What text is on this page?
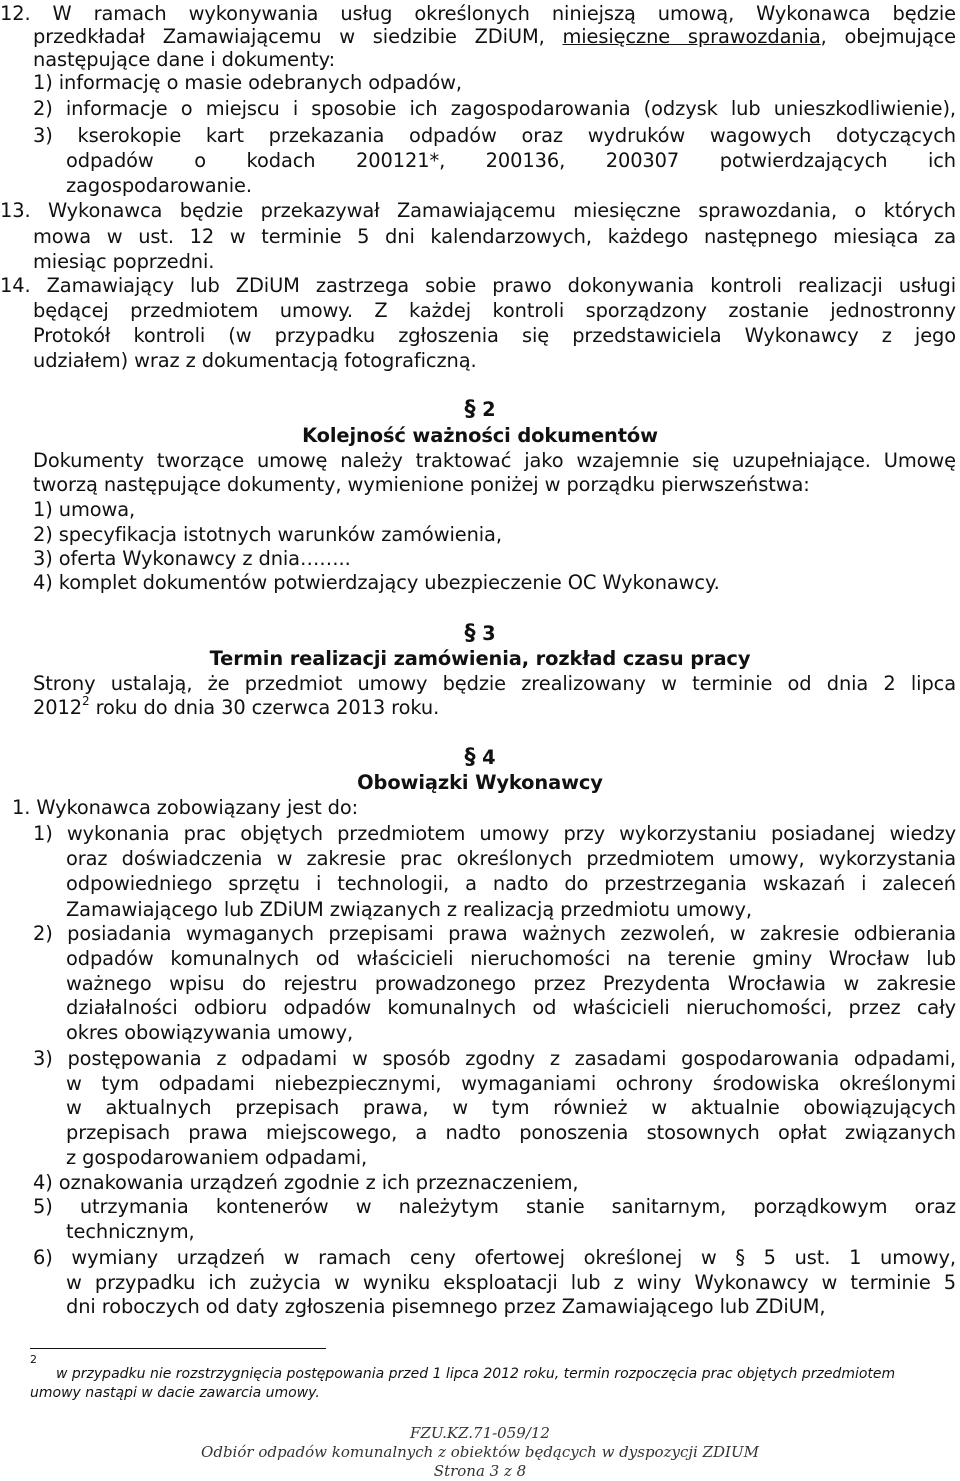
12. W ramach wykonywania usług określonych niniejszą umową, Wykonawca będzie
przedkładał Zamawiającemu w siedzibie ZDiUM, miesięczne sprawozdania, obejmujące
następujące dane i dokumenty:
1) informację o masie odebranych odpadów,
2) informacje o miejscu i sposobie ich zagospodarowania (odzysk lub unieszkodliwienie),
3) kserokopie kart przekazania odpadów oraz wydruków wagowych dotyczących
odpadów o kodach 200121*, 200136, 200307 potwierdzających ich
zagospodarowanie.
13. Wykonawca będzie przekazywał Zamawiającemu miesięczne sprawozdania, o których
mowa w ust. 12 w terminie 5 dni kalendarzowych, każdego następnego miesiąca za
miesiąc poprzedni.
14. Zamawiający lub ZDiUM zastrzega sobie prawo dokonywania kontroli realizacji usługi
będącej przedmiotem umowy. Z każdej kontroli sporządzony zostanie jednostronny
Protokół kontroli (w przypadku zgłoszenia się przedstawiciela Wykonawcy z jego
udziałem) wraz z dokumentacją fotograficzną.
§ 2
Kolejność ważności dokumentów
Dokumenty tworzące umowę należy traktować jako wzajemnie się uzupełniające. Umowę
tworzą następujące dokumenty, wymienione poniżej w porządku pierwszeństwa:
1) umowa,
2) specyfikacja istotnych warunków zamówienia,
3) oferta Wykonawcy z dnia……..
4) komplet dokumentów potwierdzający ubezpieczenie OC Wykonawcy.
§ 3
Termin realizacji zamówienia, rozkład czasu pracy
Strony ustalają, że przedmiot umowy będzie zrealizowany w terminie od dnia 2 lipca
2012$^2$ roku do dnia 30 czerwca 2013 roku.
§ 4
Obowiązki Wykonawcy
1. Wykonawca zobowiązany jest do:
1) wykonania prac objętych przedmiotem umowy przy wykorzystaniu posiadanej wiedzy
oraz doświadczenia w zakresie prac określonych przedmiotem umowy, wykorzystania
odpowiedniego sprzętu i technologii, a nadto do przestrzegania wskazań i zaleceń
Zamawiającego lub ZDiUM związanych z realizacją przedmiotu umowy,
2) posiadania wymaganych przepisami prawa ważnych zezwoleń, w zakresie odbierania
odpadów komunalnych od właścicieli nieruchomości na terenie gminy Wrocław lub
ważnego wpisu do rejestru prowadzonego przez Prezydenta Wrocławia w zakresie
działalności odbioru odpadów komunalnych od właścicieli nieruchomości, przez cały
okres obowiązywania umowy,
3) postępowania z odpadami w sposób zgodny z zasadami gospodarowania odpadami,
w tym odpadami niebezpiecznymi, wymaganiami ochrony środowiska określonymi
w aktualnych przepisach prawa, w tym również w aktualnie obowiązujących
przepisach prawa miejscowego, a nadto ponoszenia stosownych opłat związanych
z gospodarowaniem odpadami,
4) oznakowania urządzeń zgodnie z ich przeznaczeniem,
5) utrzymania kontenerów w należytym stanie sanitarnym, porządkowym oraz
technicznym,
6) wymiany urządzeń w ramach ceny ofertowej określonej w § 5 ust. 1 umowy,
w przypadku ich zużycia w wyniku eksploatacji lub z winy Wykonawcy w terminie 5
dni roboczych od daty zgłoszenia pisemnego przez Zamawiającego lub ZDiUM,
2
w przypadku nie rozstrzygnięcia postępowania przed 1 lipca 2012 roku, termin rozpoczęcia prac objętych przedmiotem
umowy nastąpi w dacie zawarcia umowy.
FZU.KZ.71-059/12
Odbiór odpadów komunalnych z obiektów będących w dyspozycji ZDIUM
Strona 3 z 8
